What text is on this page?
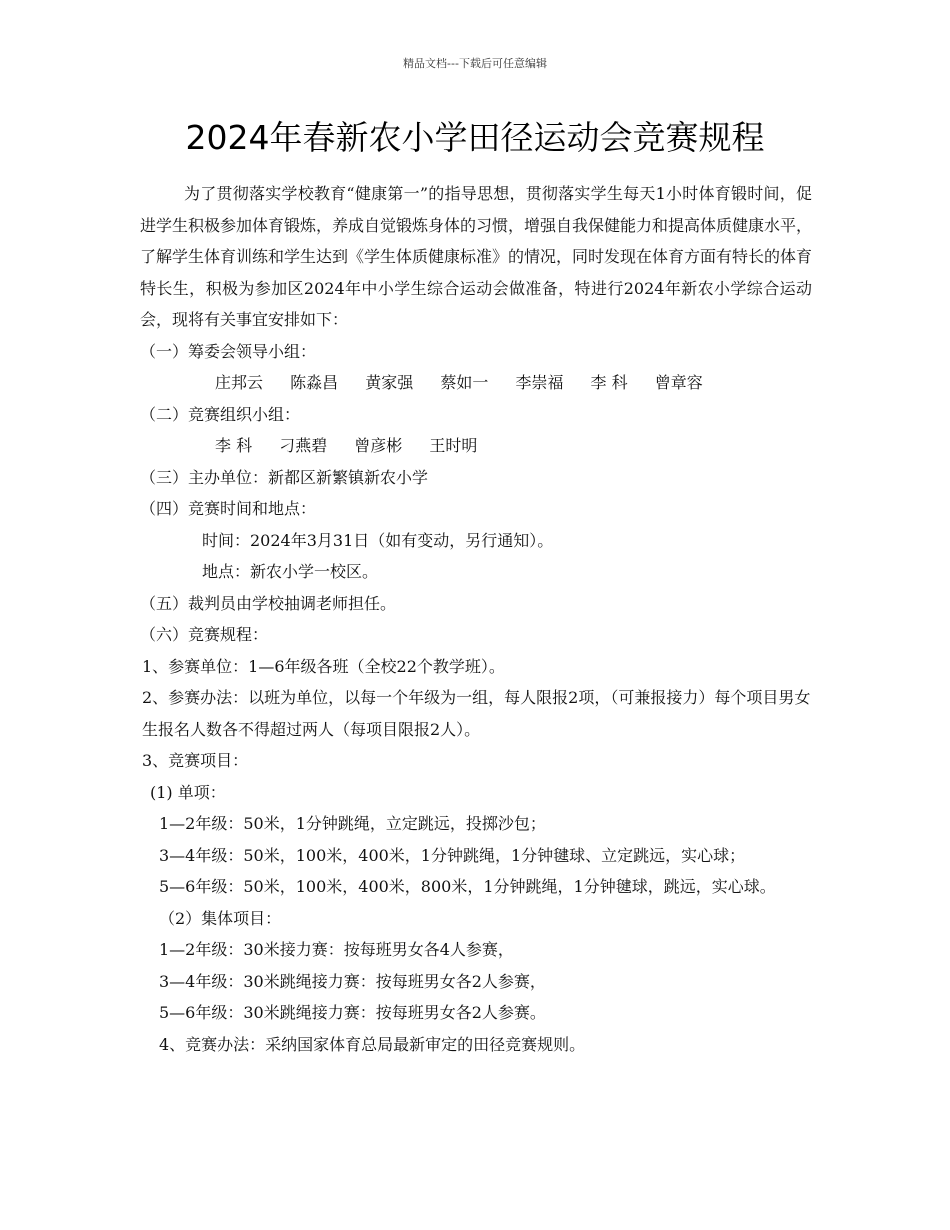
精品文档---下载后可任意编辑
2024年春新农小学田径运动会竞赛规程

为了贯彻落实学校教育“健康第一”的指导思想，贯彻落实学生每天1小时体育锻时间，促进学生积极参加体育锻炼，养成自觉锻炼身体的习惯，增强自我保健能力和提高体质健康水平，了解学生体育训练和学生达到《学生体质健康标准》的情况，同时发现在体育方面有特长的体育特长生，积极为参加区2024年中小学生综合运动会做准备，特进行2024年新农小学综合运动会，现将有关事宜安排如下：

（一）筹委会领导小组：

庄邦云 陈淼昌 黄家强 蔡如一 李崇福 李 科 曾章容

（二）竞赛组织小组：

李 科 刁燕碧 曾彦彬 王时明

（三）主办单位：新都区新繁镇新农小学

（四）竞赛时间和地点：

时间：2024年3月31日（如有变动，另行通知）。

地点：新农小学一校区。

（五）裁判员由学校抽调老师担任。

（六）竞赛规程：

1、参赛单位：1—6年级各班（全校22个教学班）。

2、参赛办法：以班为单位，以每一个年级为一组，每人限报2项，（可兼报接力）每个项目男女生报名人数各不得超过两人（每项目限报2人）。

3、竞赛项目：

(1) 单项：

1—2年级：50米，1分钟跳绳，立定跳远，投掷沙包；

3—4年级：50米，100米，400米，1分钟跳绳，1分钟毽球、立定跳远，实心球；

5—6年级：50米，100米，400米，800米，1分钟跳绳，1分钟毽球，跳远，实心球。

（2）集体项目：

1—2年级：30米接力赛：按每班男女各4人参赛，

3—4年级：30米跳绳接力赛：按每班男女各2人参赛，

5—6年级：30米跳绳接力赛：按每班男女各2人参赛。

4、竞赛办法：采纳国家体育总局最新审定的田径竞赛规则。
